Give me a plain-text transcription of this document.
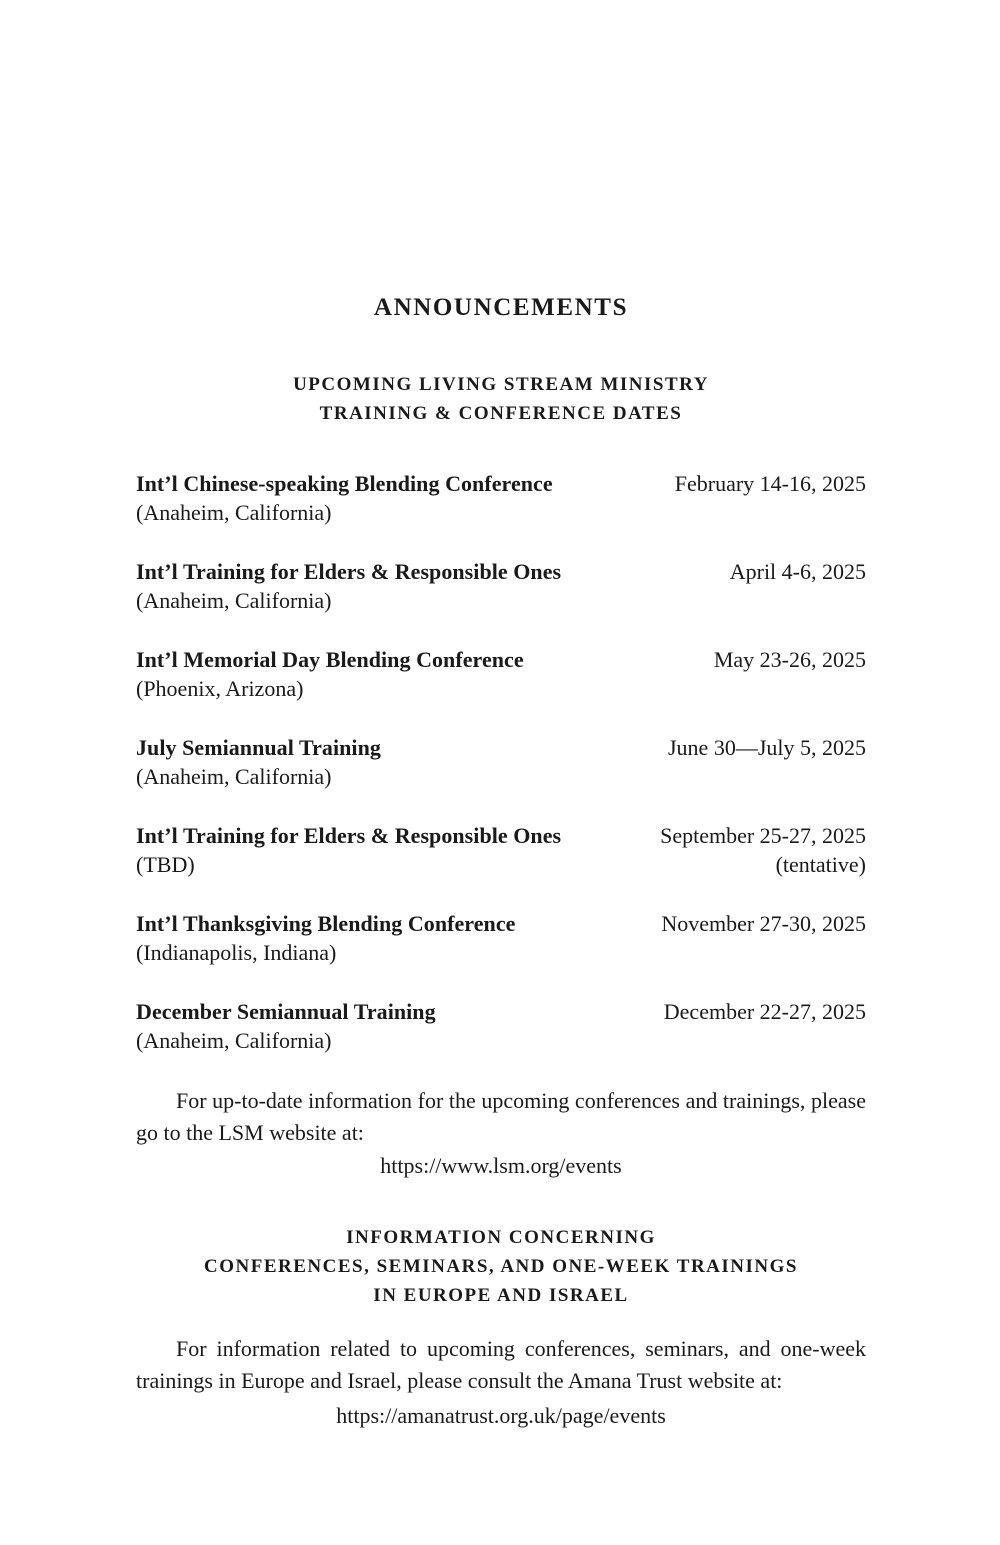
ANNOUNCEMENTS
UPCOMING LIVING STREAM MINISTRY
TRAINING & CONFERENCE DATES
Int’l Chinese-speaking Blending Conference	February 14-16, 2025
(Anaheim, California)
Int’l Training for Elders & Responsible Ones	April 4-6, 2025
(Anaheim, California)
Int’l Memorial Day Blending Conference	May 23-26, 2025
(Phoenix, Arizona)
July Semiannual Training	June 30—July 5, 2025
(Anaheim, California)
Int’l Training for Elders & Responsible Ones	September 25-27, 2025
(TBD)	(tentative)
Int’l Thanksgiving Blending Conference	November 27-30, 2025
(Indianapolis, Indiana)
December Semiannual Training	December 22-27, 2025
(Anaheim, California)

For up-to-date information for the upcoming conferences and training​s, please go to the LSM website at:

https://www.lsm.org/events

INFORMATION CONCERNING
CONFERENCES, SEMINARS, AND ONE-WEEK TRAININGS
IN EUROPE AND ISRAEL

For information related to upcoming conferences, seminars, and one-week trainings in Europe and Israel, please consult the Amana Trust website at:

https://amanatrust.org.uk/page/events
